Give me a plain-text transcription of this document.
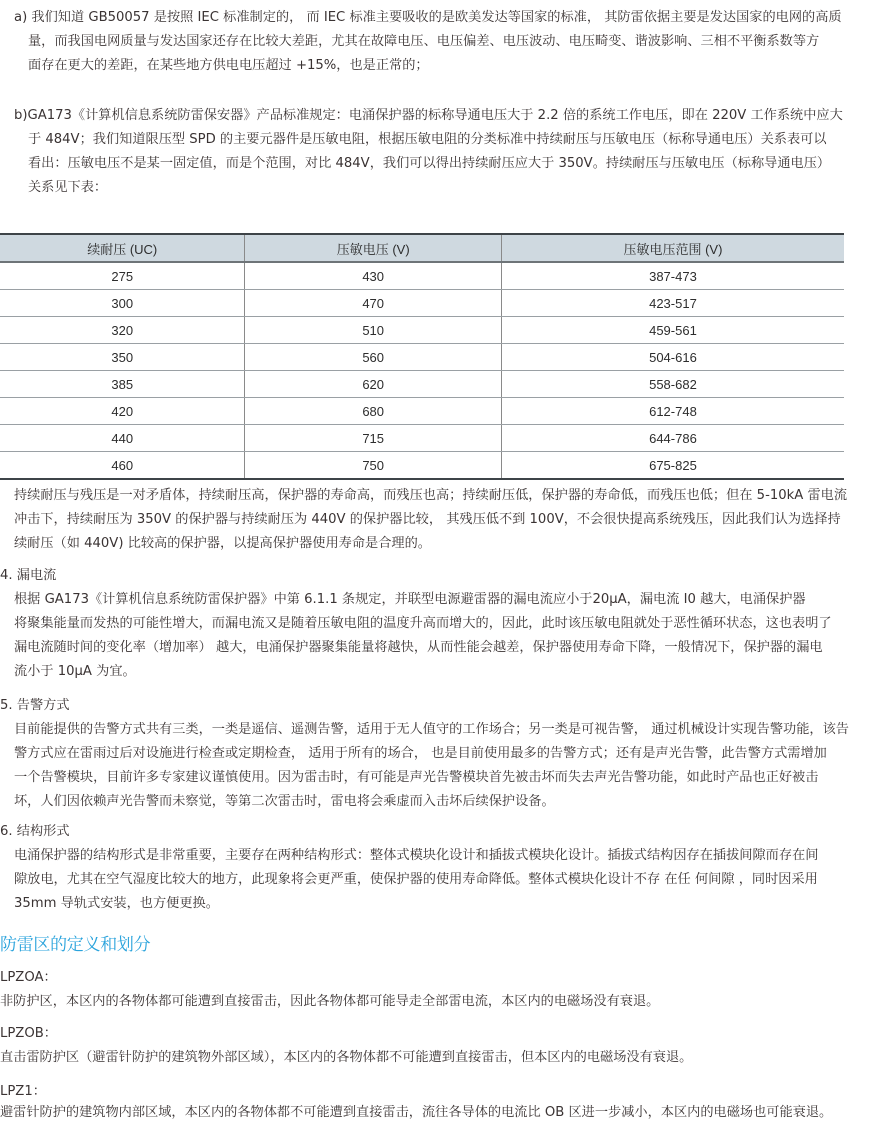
a) 我们知道 GB50057 是按照 IEC 标准制定的， 而 IEC 标准主要吸收的是欧美发达等国家的标准， 其防雷依据主要是发达国家的电网的高质
量，而我国电网质量与发达国家还存在比较大差距，尤其在故障电压、电压偏差、电压波动、电压畸变、谐波影响、三相不平衡系数等方
面存在更大的差距，在某些地方供电电压超过 +15%，也是正常的；
b)GA173《计算机信息系统防雷保安器》产品标准规定：电涌保护器的标称导通电压大于 2.2 倍的系统工作电压，即在 220V 工作系统中应大
于 484V；我们知道限压型 SPD 的主要元器件是压敏电阻，根据压敏电阻的分类标准中持续耐压与压敏电压（标称导通电压）关系表可以
看出：压敏电压不是某一固定值，而是个范围，对比 484V，我们可以得出持续耐压应大于 350V。持续耐压与压敏电压（标称导通电压）
关系见下表：
续耐压 (UC)	压敏电压 (V)	压敏电压范围 (V)
275	430	387-473
300	470	423-517
320	510	459-561
350	560	504-616
385	620	558-682
420	680	612-748
440	715	644-786
460	750	675-825
持续耐压与残压是一对矛盾体，持续耐压高，保护器的寿命高，而残压也高；持续耐压低，保护器的寿命低，而残压也低；但在 5-10kA 雷电流
冲击下，持续耐压为 350V 的保护器与持续耐压为 440V 的保护器比较， 其残压低不到 100V，不会很快提高系统残压，因此我们认为选择持
续耐压（如 440V) 比较高的保护器，以提高保护器使用寿命是合理的。
4. 漏电流
根据 GA173《计算机信息系统防雷保护器》中第 6.1.1 条规定，并联型电源避雷器的漏电流应小于20μA，漏电流 I0 越大，电涌保护器
将聚集能量而发热的可能性增大，而漏电流又是随着压敏电阻的温度升高而增大的，因此，此时该压敏电阻就处于恶性循环状态，这也表明了
漏电流随时间的变化率（增加率） 越大，电涌保护器聚集能量将越快，从而性能会越差，保护器使用寿命下降，一般情况下，保护器的漏电
流小于 10μA 为宜。
5. 告警方式
目前能提供的告警方式共有三类，一类是遥信、遥测告警，适用于无人值守的工作场合；另一类是可视告警， 通过机械设计实现告警功能，该告
警方式应在雷雨过后对设施进行检查或定期检查， 适用于所有的场合， 也是目前使用最多的告警方式；还有是声光告警，此告警方式需增加
一个告警模块，目前许多专家建议谨慎使用。因为雷击时，有可能是声光告警模块首先被击坏而失去声光告警功能，如此时产品也正好被击
坏，人们因依赖声光告警而未察觉，等第二次雷击时，雷电将会乘虚而入击坏后续保护设备。
6. 结构形式
电涌保护器的结构形式是非常重要，主要存在两种结构形式：整体式模块化设计和插拔式模块化设计。插拔式结构因存在插拔间隙而存在间
隙放电，尤其在空气湿度比较大的地方，此现象将会更严重，使保护器的使用寿命降低。整体式模块化设计不存 在任 何间隙 ，同时因采用
35mm 导轨式安装，也方便更换。
防雷区的定义和划分
LPZOA：
非防护区，本区内的各物体都可能遭到直接雷击，因此各物体都可能导走全部雷电流，本区内的电磁场没有衰退。
LPZOB：
直击雷防护区（避雷针防护的建筑物外部区域），本区内的各物体都不可能遭到直接雷击，但本区内的电磁场没有衰退。
LPZ1：
避雷针防护的建筑物内部区域，本区内的各物体都不可能遭到直接雷击，流往各导体的电流比 OB 区进一步减小，本区内的电磁场也可能衰退。
